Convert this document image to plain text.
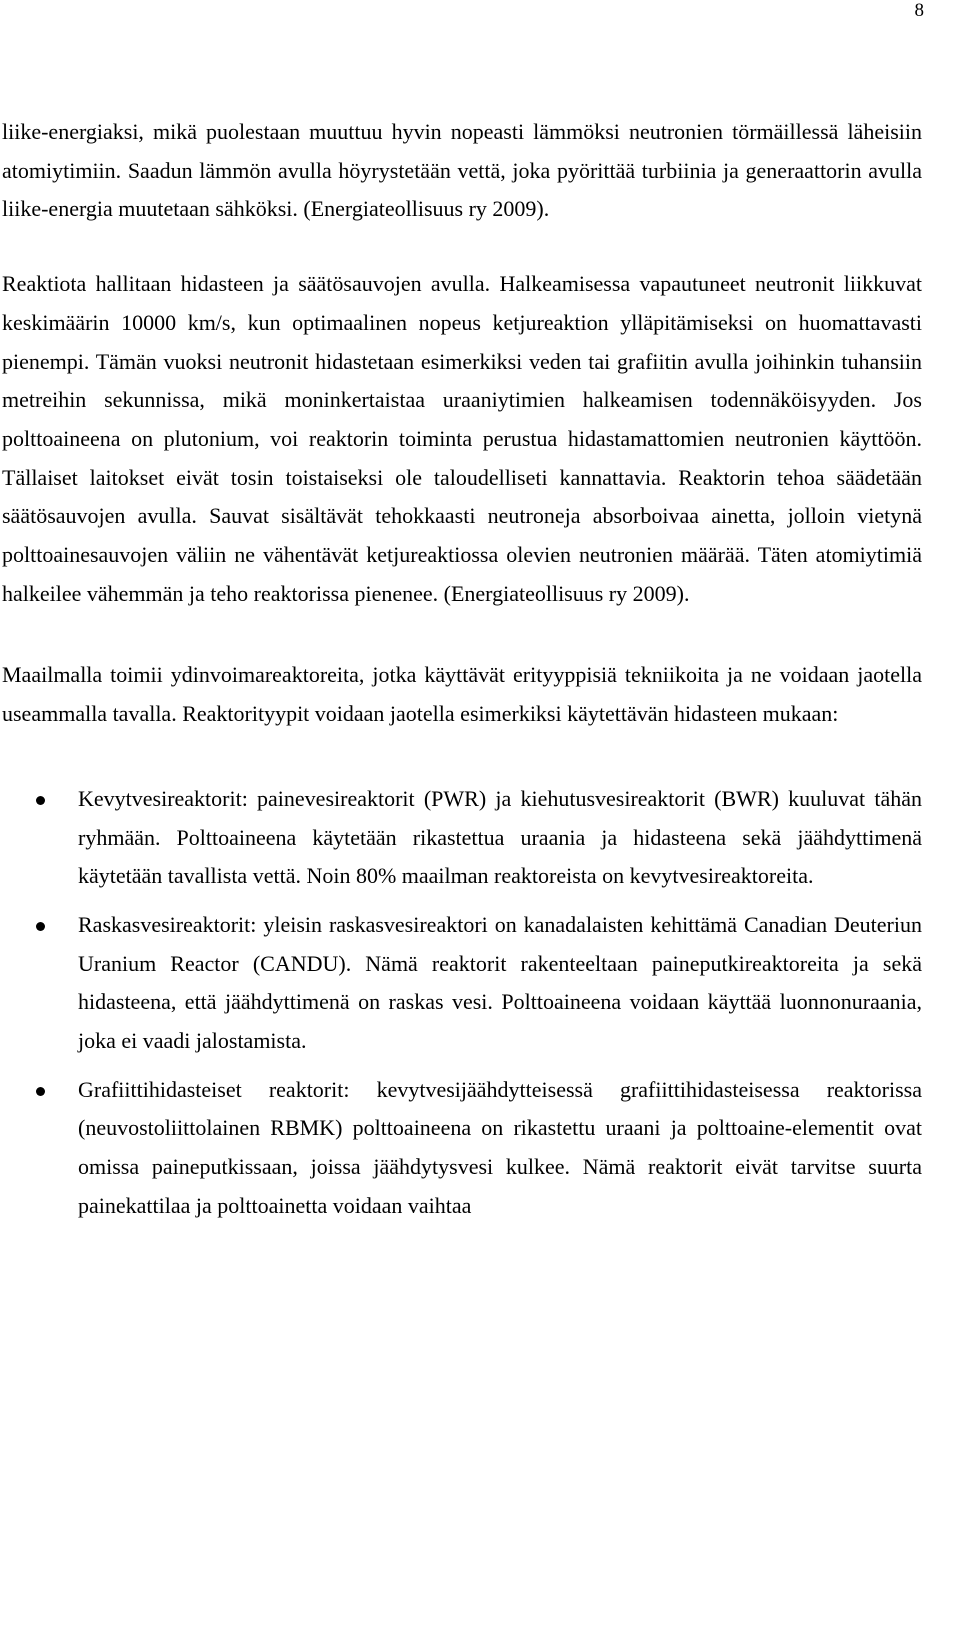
8

liike-energiaksi, mikä puolestaan muuttuu hyvin nopeasti lämmöksi neutronien törmäillessä läheisiin atomiytimiin. Saadun lämmön avulla höyrystetään vettä, joka pyörittää turbiinia ja generaattorin avulla liike-energia muutetaan sähköksi. (Energiateollisuus ry 2009).

Reaktiota hallitaan hidasteen ja säätösauvojen avulla. Halkeamisessa vapautuneet neutronit liikkuvat keskimäärin 10000 km/s, kun optimaalinen nopeus ketjureaktion ylläpitämiseksi on huomattavasti pienempi. Tämän vuoksi neutronit hidastetaan esimerkiksi veden tai grafiitin avulla joihinkin tuhansiin metreihin sekunnissa, mikä moninkertaistaa uraaniytimien halkeamisen todennäköisyyden. Jos polttoaineena on plutonium, voi reaktorin toiminta perustua hidastamattomien neutronien käyttöön. Tällaiset laitokset eivät tosin toistaiseksi ole taloudelliseti kannattavia. Reaktorin tehoa säädetään säätösauvojen avulla. Sauvat sisältävät tehokkaasti neutroneja absorboivaa ainetta, jolloin vietynä polttoainesauvojen väliin ne vähentävät ketjureaktiossa olevien neutronien määrää. Täten atomiytimiä halkeilee vähemmän ja teho reaktorissa pienenee. (Energiateollisuus ry 2009).

Maailmalla toimii ydinvoimareaktoreita, jotka käyttävät erityyppisiä tekniikoita ja ne voidaan jaotella useammalla tavalla. Reaktorityypit voidaan jaotella esimerkiksi käytettävän hidasteen mukaan:

Kevytvesireaktorit: painevesireaktorit (PWR) ja kiehutusvesireaktorit (BWR) kuuluvat tähän ryhmään. Polttoaineena käytetään rikastettua uraania ja hidasteena sekä jäähdyttimenä käytetään tavallista vettä. Noin 80% maailman reaktoreista on kevytvesireaktoreita.

Raskasvesireaktorit: yleisin raskasvesireaktori on kanadalaisten kehittämä Canadian Deuteriun Uranium Reactor (CANDU). Nämä reaktorit rakenteeltaan paineputkireaktoreita ja sekä hidasteena, että jäähdyttimenä on raskas vesi. Polttoaineena voidaan käyttää luonnonuraania, joka ei vaadi jalostamista.

Grafiittihidasteiset reaktorit: kevytvesijäähdytteisessä grafiittihidasteisessa reaktorissa (neuvostoliittolainen RBMK) polttoaineena on rikastettu uraani ja polttoaine-elementit ovat omissa paineputkissaan, joissa jäähdytysvesi kulkee. Nämä reaktorit eivät tarvitse suurta painekattilaa ja polttoainetta voidaan vaihtaa
